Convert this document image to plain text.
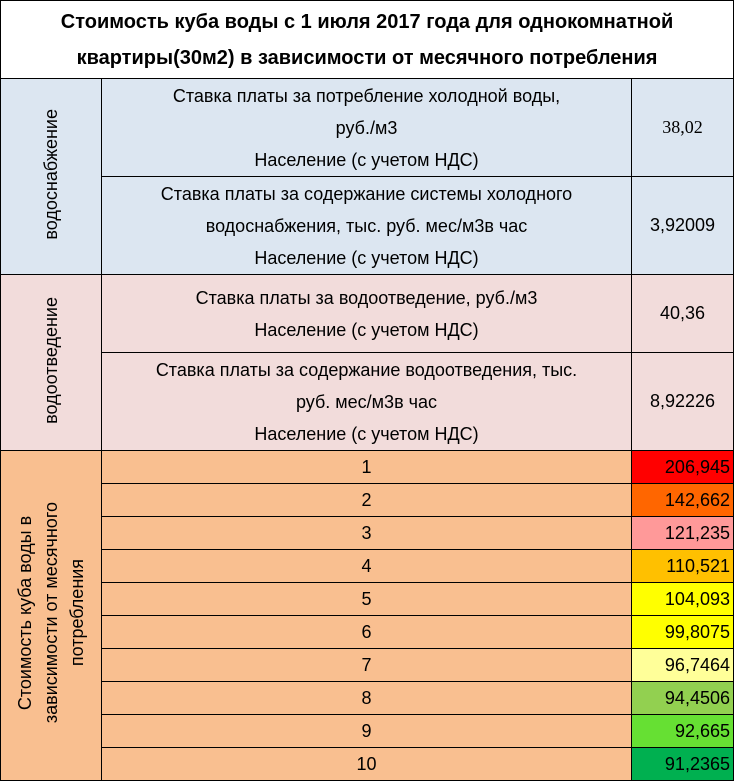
Стоимость куба воды с 1 июля 2017 года для однокомнатной
квартиры(30м2) в зависимости от месячного потребления		

водоснабжение	Ставка платы за потребление холодной воды,
руб./м3
Население (с учетом НДС)	38,02

	Ставка платы за содержание системы холодного
водоснабжения, тыс. руб. мес/м3в час
Население (с учетом НДС)	3,92009
водоотведение	Ставка платы за водоотведение, руб./м3
Население (с учетом НДС)	40,36

	Ставка платы за содержание водоотведения, тыс.
руб. мес/м3в час
Население (с учетом НДС)	8,92226
Стоимость куба воды в зависимости от месячного потребления	1	206,945
	2	142,662
	3	121,235
	4	110,521
	5	104,093
	6	99,8075
	7	96,7464
	8	94,4506
	9	92,665
	10	91,2365
